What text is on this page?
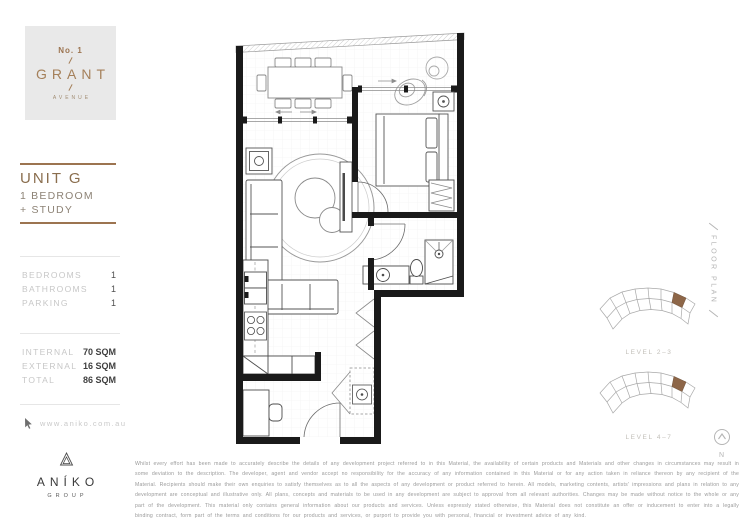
No. 1
GRANT
AVENUE
UNIT G
1 BEDROOM
+ STUDY
BEDROOMS	1
BATHROOMS	1
PARKING	1
INTERNAL 70 SQM
EXTERNAL 16 SQM
TOTAL	86 SQM
www.aniko.com.au
ANÍKO
GROUP
FLOOR PLAN
LEVEL 2–3
LEVEL 4–7
N
Whilst every effort has been made to accurately describe the details of any development project referred to in this Material, the availability of certain products and Materials and other changes in circumstances may result in some deviation to the description. The developer, agent and vendor accept no responsibility for the accuracy of any information contained in this Material or for any action taken in reliance thereon by any recipient of the Material. Recipients should make their own enquiries to satisfy themselves as to all the aspects of any development or product referred to herein. All models, marketing contents, artists' impressions and plans in relation to any development are conceptual and illustrative only. All plans, concepts and materials to be used in any development are subject to approval from all relevant authorities. Changes may be made without notice to the whole or any part of the development. This material only contains general information about our products and services. Unless expressly stated otherwise, this Material does not constitute an offer or inducement to enter into a legally binding contract, form part of the terms and conditions for our products and services, or purport to provide you with personal, financial or investment advice of any kind.
